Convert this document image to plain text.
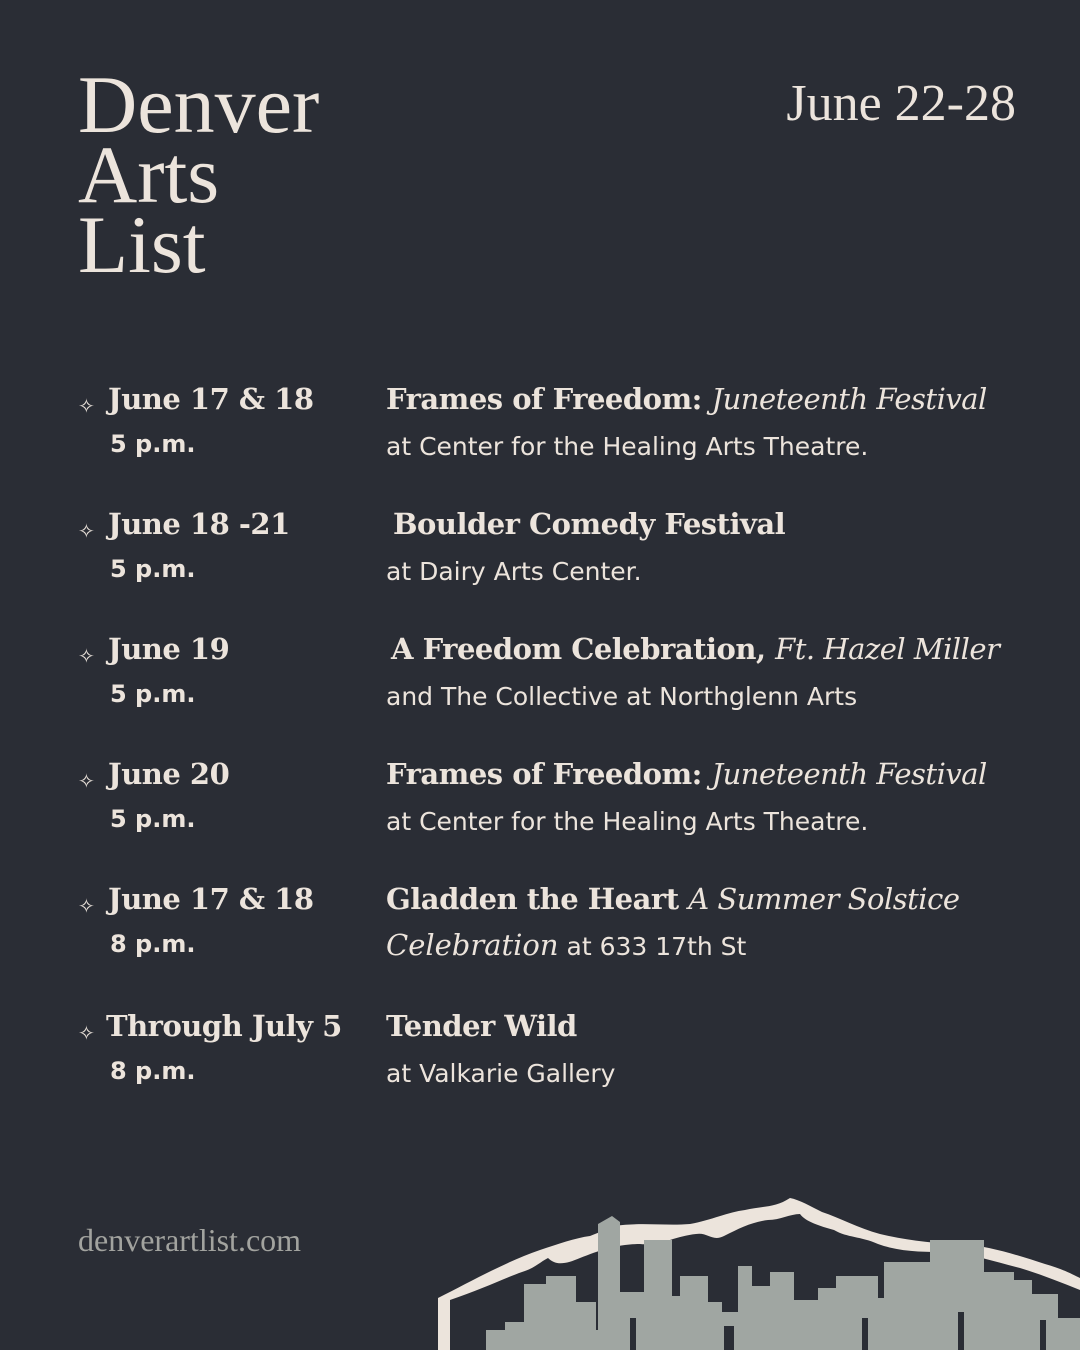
Denver
Arts
List
June 22-28
✧ June 17 & 18
5 p.m.
Frames of Freedom: Juneteenth Festival
at Center for the Healing Arts Theatre.
✧ June 18 -21
5 p.m.
Boulder Comedy Festival
at Dairy Arts Center.
✧ June 19
5 p.m.
A Freedom Celebration, Ft. Hazel Miller
and The Collective at Northglenn Arts
✧ June 20
5 p.m.
Frames of Freedom: Juneteenth Festival
at Center for the Healing Arts Theatre.
✧ June 17 & 18
8 p.m.
Gladden the Heart A Summer Solstice
Celebration at 633 17th St
✧ Through July 5
8 p.m.
Tender Wild
at Valkarie Gallery
denverartlist.com
